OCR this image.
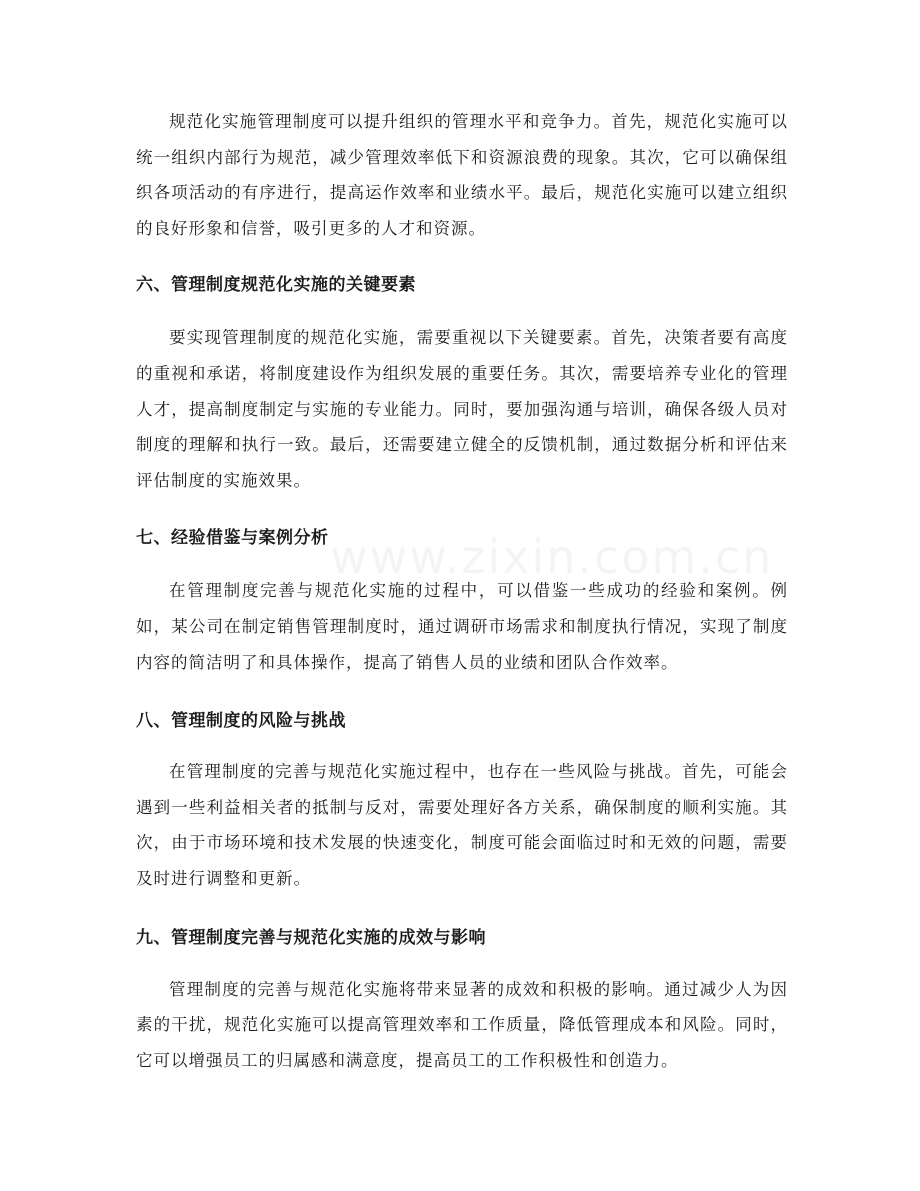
规范化实施管理制度可以提升组织的管理水平和竞争力。首先，规范化实施可以统一组织内部行为规范，减少管理效率低下和资源浪费的现象。其次，它可以确保组织各项活动的有序进行，提高运作效率和业绩水平。最后，规范化实施可以建立组织的良好形象和信誉，吸引更多的人才和资源。

六、管理制度规范化实施的关键要素

要实现管理制度的规范化实施，需要重视以下关键要素。首先，决策者要有高度的重视和承诺，将制度建设作为组织发展的重要任务。其次，需要培养专业化的管理人才，提高制度制定与实施的专业能力。同时，要加强沟通与培训，确保各级人员对制度的理解和执行一致。最后，还需要建立健全的反馈机制，通过数据分析和评估来评估制度的实施效果。

七、经验借鉴与案例分析

在管理制度完善与规范化实施的过程中，可以借鉴一些成功的经验和案例。例如，某公司在制定销售管理制度时，通过调研市场需求和制度执行情况，实现了制度内容的简洁明了和具体操作，提高了销售人员的业绩和团队合作效率。

八、管理制度的风险与挑战

在管理制度的完善与规范化实施过程中，也存在一些风险与挑战。首先，可能会遇到一些利益相关者的抵制与反对，需要处理好各方关系，确保制度的顺利实施。其次，由于市场环境和技术发展的快速变化，制度可能会面临过时和无效的问题，需要及时进行调整和更新。

九、管理制度完善与规范化实施的成效与影响

管理制度的完善与规范化实施将带来显著的成效和积极的影响。通过减少人为因素的干扰，规范化实施可以提高管理效率和工作质量，降低管理成本和风险。同时，它可以增强员工的归属感和满意度，提高员工的工作积极性和创造力。
